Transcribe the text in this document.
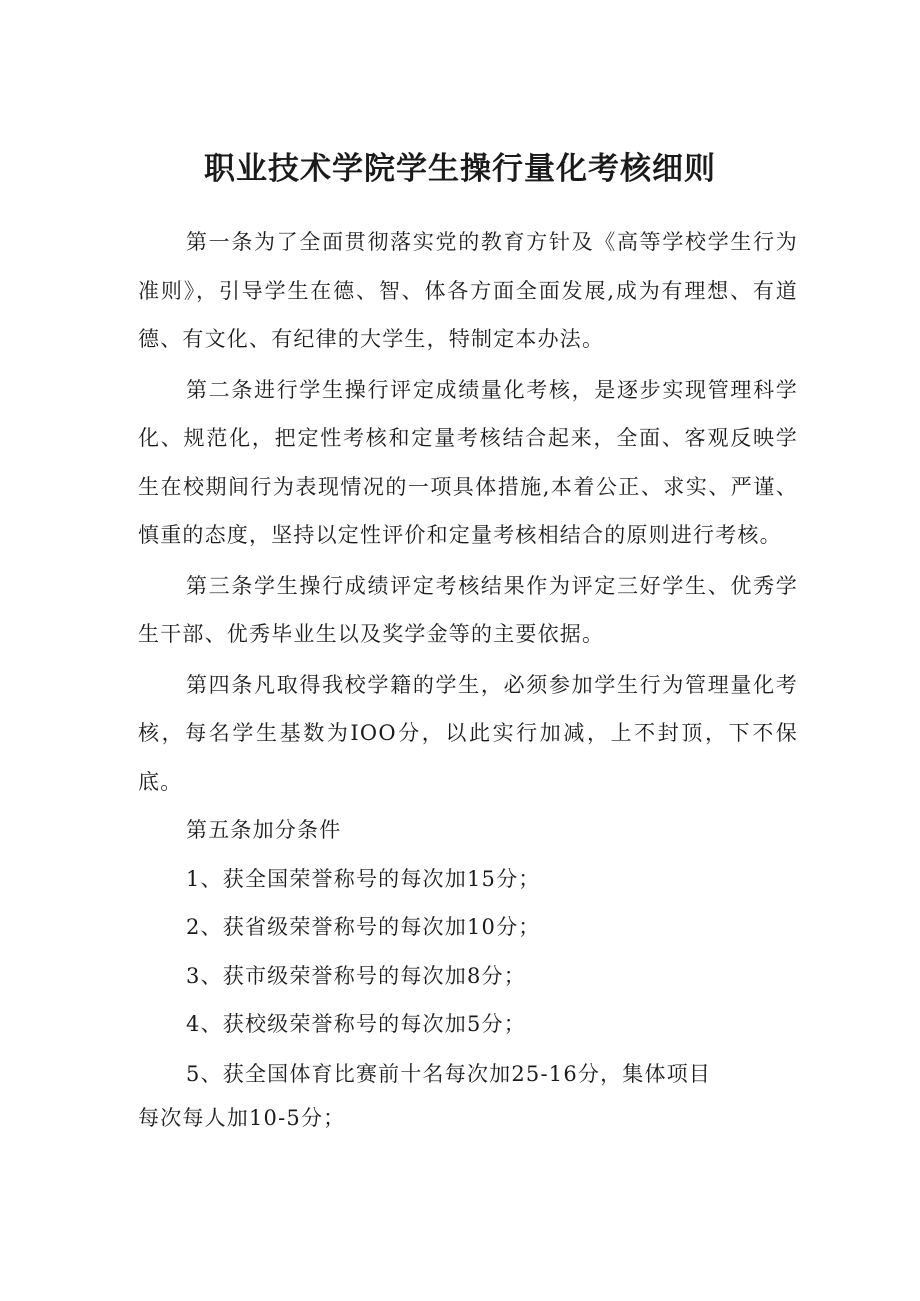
职业技术学院学生操行量化考核细则

第一条为了全面贯彻落实党的教育方针及《高等学校学生行为准则》，引导学生在德、智、体各方面全面发展,成为有理想、有道德、有文化、有纪律的大学生，特制定本办法。

第二条进行学生操行评定成绩量化考核，是逐步实现管理科学化、规范化，把定性考核和定量考核结合起来，全面、客观反映学生在校期间行为表现情况的一项具体措施,本着公正、求实、严谨、慎重的态度，坚持以定性评价和定量考核相结合的原则进行考核。

第三条学生操行成绩评定考核结果作为评定三好学生、优秀学生干部、优秀毕业生以及奖学金等的主要依据。

第四条凡取得我校学籍的学生，必须参加学生行为管理量化考核，每名学生基数为IOO分，以此实行加减，上不封顶，下不保底。

第五条加分条件

1、获全国荣誉称号的每次加15分；

2、获省级荣誉称号的每次加10分；

3、获市级荣誉称号的每次加8分；

4、获校级荣誉称号的每次加5分；

5、获全国体育比赛前十名每次加25-16分，集体项目
每次每人加10-5分；
